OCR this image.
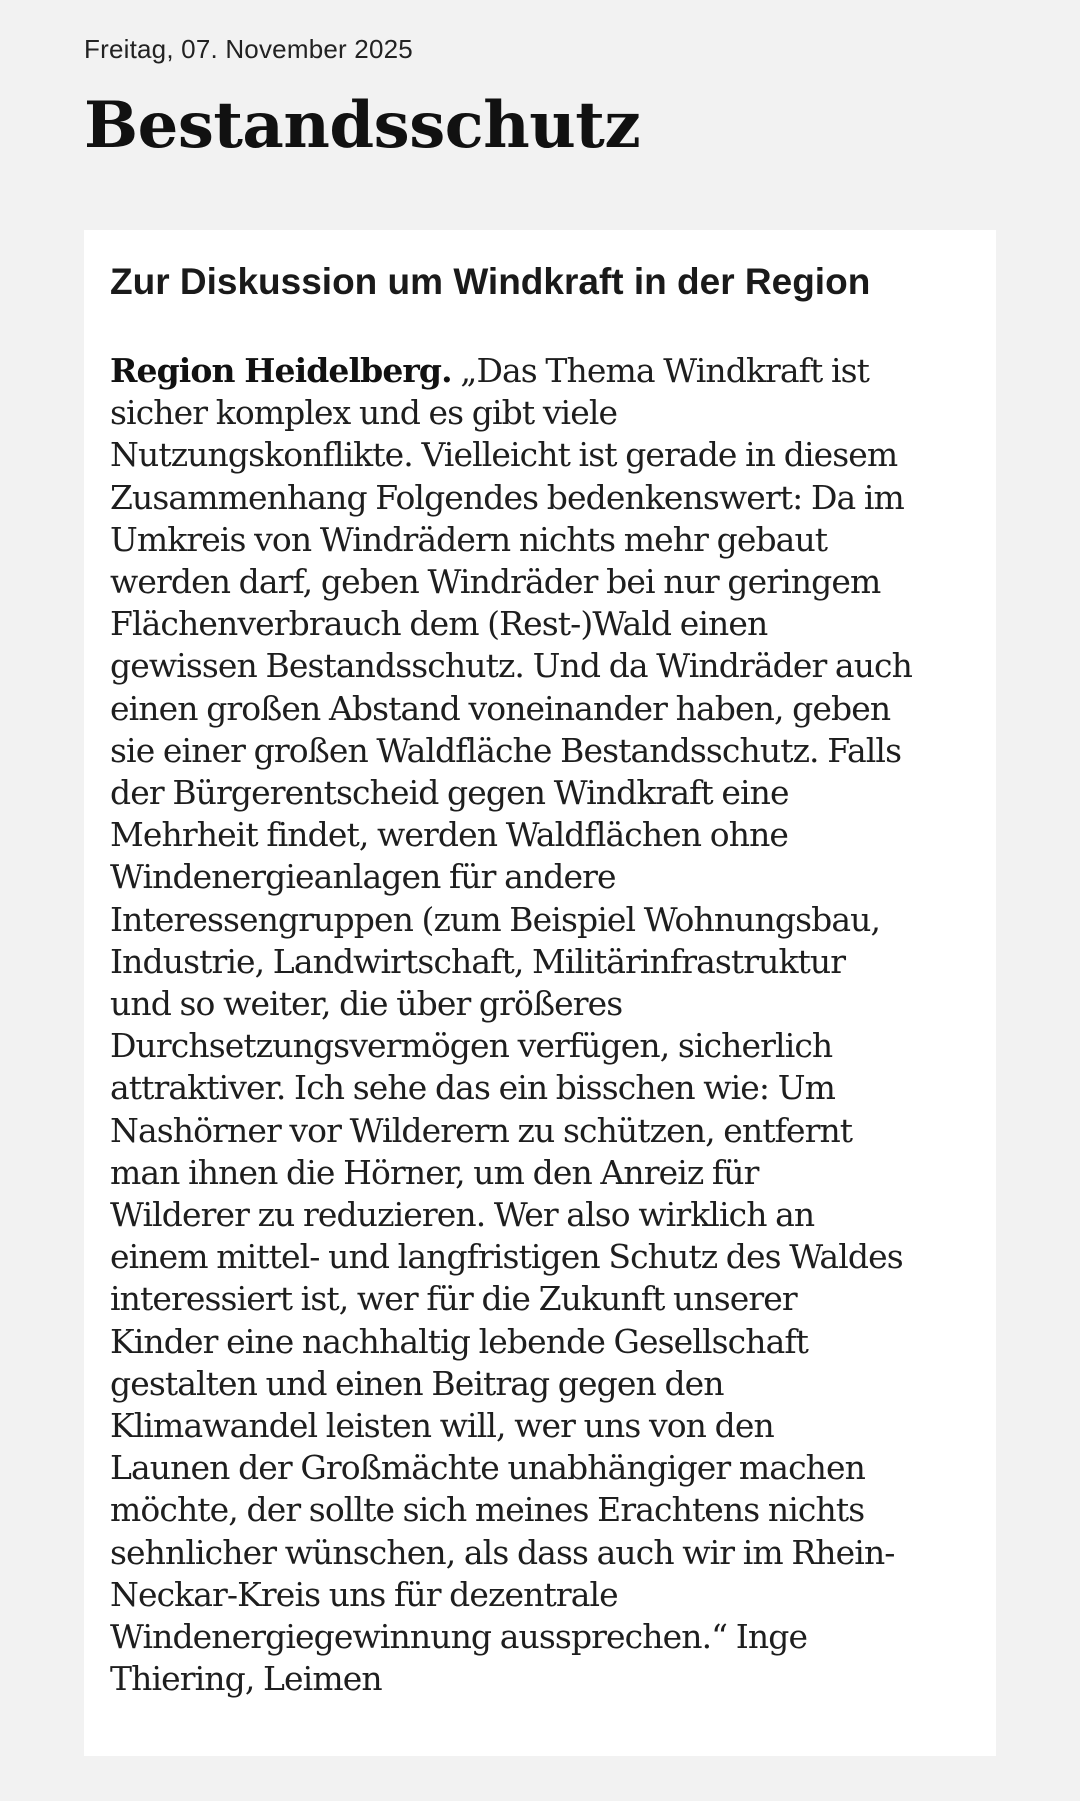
Freitag, 07. November 2025
Bestandsschutz
Zur Diskussion um Windkraft in der Region
Region Heidelberg. „Das Thema Windkraft ist
sicher komplex und es gibt viele
Nutzungskonflikte. Vielleicht ist gerade in diesem
Zusammenhang Folgendes bedenkenswert: Da im
Umkreis von Windrädern nichts mehr gebaut
werden darf, geben Windräder bei nur geringem
Flächenverbrauch dem (Rest-)Wald einen
gewissen Bestandsschutz. Und da Windräder auch
einen großen Abstand voneinander haben, geben
sie einer großen Waldfläche Bestandsschutz. Falls
der Bürgerentscheid gegen Windkraft eine
Mehrheit findet, werden Waldflächen ohne
Windenergieanlagen für andere
Interessengruppen (zum Beispiel Wohnungsbau,
Industrie, Landwirtschaft, Militärinfrastruktur
und so weiter, die über größeres
Durchsetzungsvermögen verfügen, sicherlich
attraktiver. Ich sehe das ein bisschen wie: Um
Nashörner vor Wilderern zu schützen, entfernt
man ihnen die Hörner, um den Anreiz für
Wilderer zu reduzieren. Wer also wirklich an
einem mittel- und langfristigen Schutz des Waldes
interessiert ist, wer für die Zukunft unserer
Kinder eine nachhaltig lebende Gesellschaft
gestalten und einen Beitrag gegen den
Klimawandel leisten will, wer uns von den
Launen der Großmächte unabhängiger machen
möchte, der sollte sich meines Erachtens nichts
sehnlicher wünschen, als dass auch wir im Rhein-
Neckar-Kreis uns für dezentrale
Windenergiegewinnung aussprechen.“ Inge
Thiering, Leimen
